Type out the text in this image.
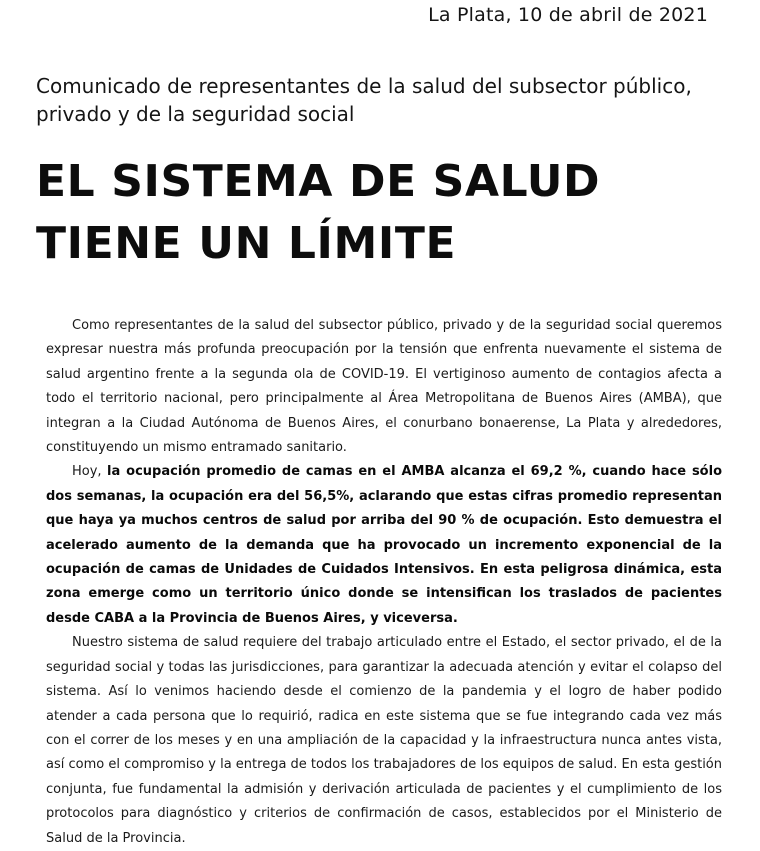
La Plata, 10 de abril de 2021
Comunicado de representantes de la salud del subsector público,
privado y de la seguridad social
EL SISTEMA DE SALUD
TIENE UN LÍMITE

Como representantes de la salud del subsector público, privado y de la seguridad social queremos expresar nuestra más profunda preocupación por la tensión que enfrenta nuevamente el sistema de salud argentino frente a la segunda ola de COVID-19. El vertiginoso aumento de contagios afecta a todo el territorio nacional, pero principalmente al Área Metropolitana de Buenos Aires (AMBA), que integran a la Ciudad Autónoma de Buenos Aires, el conurbano bonaerense, La Plata y alrededores, constituyendo un mismo entramado sanitario.

Hoy, la ocupación promedio de camas en el AMBA alcanza el 69,2 %, cuando hace sólo dos semanas, la ocupación era del 56,5%, aclarando que estas cifras promedio representan que haya ya muchos centros de salud por arriba del 90 % de ocupación. Esto demuestra el acelerado aumento de la demanda que ha provocado un incremento exponencial de la ocupación de camas de Unidades de Cuidados Intensivos. En esta peligrosa dinámica, esta zona emerge como un territorio único donde se intensifican los traslados de pacientes desde CABA a la Provincia de Buenos Aires, y viceversa.

Nuestro sistema de salud requiere del trabajo articulado entre el Estado, el sector privado, el de la seguridad social y todas las jurisdicciones, para garantizar la adecuada atención y evitar el colapso del sistema. Así lo venimos haciendo desde el comienzo de la pandemia y el logro de haber podido atender a cada persona que lo requirió, radica en este sistema que se fue integrando cada vez más con el correr de los meses y en una ampliación de la capacidad y la infraestructura nunca antes vista, así como el compromiso y la entrega de todos los trabajadores de los equipos de salud. En esta gestión conjunta, fue fundamental la admisión y derivación articulada de pacientes y el cumplimiento de los protocolos para diagnóstico y criterios de confirmación de casos, establecidos por el Ministerio de Salud de la Provincia.
